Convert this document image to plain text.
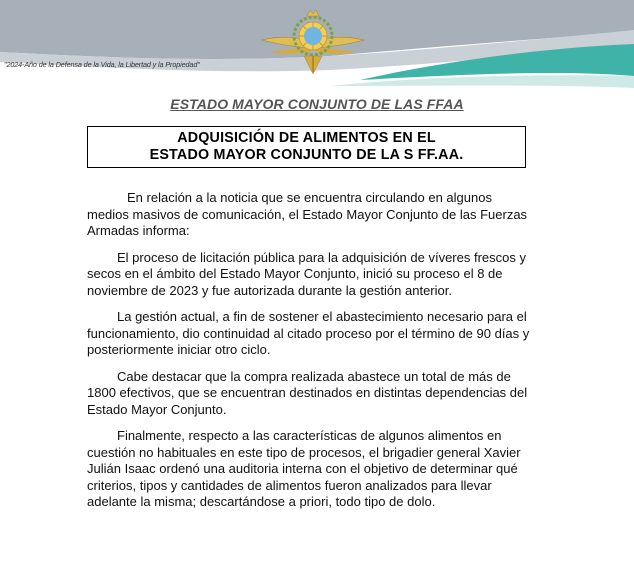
"2024-Año de la Defensa de la Vida, la Libertad y la Propiedad"
ESTADO MAYOR CONJUNTO DE LAS FFAA
ADQUISICIÓN DE ALIMENTOS EN EL
ESTADO MAYOR CONJUNTO DE LA S FF.AA.

En relación a la noticia que se encuentra circulando en algunos medios masivos de comunicación, el Estado Mayor Conjunto de las Fuerzas Armadas informa:

El proceso de licitación pública para la adquisición de víveres frescos y secos en el ámbito del Estado Mayor Conjunto, inició su proceso el 8 de noviembre de 2023 y fue autorizada durante la gestión anterior.

La gestión actual, a fin de sostener el abastecimiento necesario para el funcionamiento, dio continuidad al citado proceso por el término de 90 días y posteriormente iniciar otro ciclo.

Cabe destacar que la compra realizada abastece un total de más de 1800 efectivos, que se encuentran destinados en distintas dependencias del Estado Mayor Conjunto.

Finalmente, respecto a las características de algunos alimentos en cuestión no habituales en este tipo de procesos, el brigadier general Xavier Julián Isaac ordenó una auditoria interna con el objetivo de determinar qué criterios, tipos y cantidades de alimentos fueron analizados para llevar adelante la misma; descartándose a priori, todo tipo de dolo.
